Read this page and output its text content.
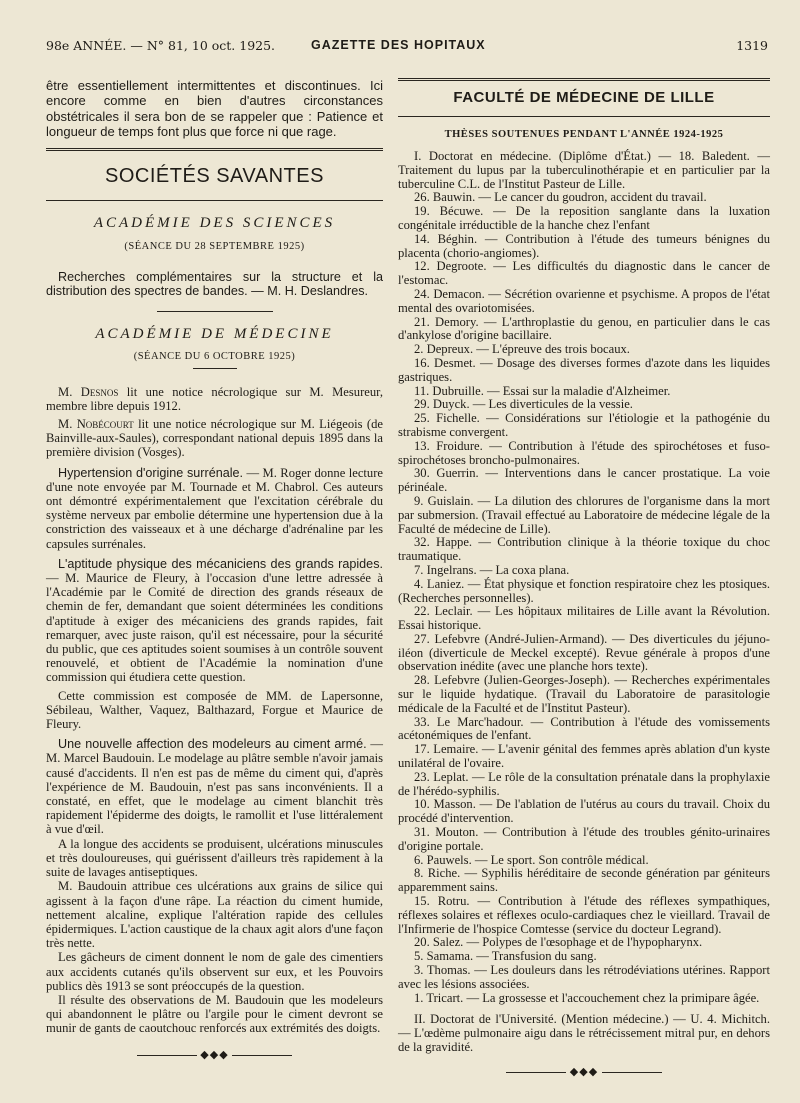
98e ANNÉE. — N° 81, 10 oct. 1925.	GAZETTE DES HOPITAUX	1319

être essentiellement intermittentes et discontinues. Ici encore comme en bien d'autres circonstances obstétricales il sera bon de se rappeler que : Patience et longueur de temps font plus que force ni que rage.

SOCIÉTÉS SAVANTES

ACADÉMIE DES SCIENCES

(SÉANCE DU 28 SEPTEMBRE 1925)

Recherches complémentaires sur la structure et la distribution des spectres de bandes. — M. H. Deslandres.

ACADÉMIE DE MÉDECINE

(SÉANCE DU 6 OCTOBRE 1925)

M. Desnos lit une notice nécrologique sur M. Mesureur, membre libre depuis 1912.

M. Nobécourt lit une notice nécrologique sur M. Liégeois (de Bainville-aux-Saules), correspondant national depuis 1895 dans la première division (Vosges).

Hypertension d'origine surrénale. — M. Roger donne lecture d'une note envoyée par M. Tournade et M. Chabrol. Ces auteurs ont démontré expérimentalement que l'excitation cérébrale du système nerveux par embolie détermine une hypertension due à la constriction des vaisseaux et à une décharge d'adrénaline par les capsules surrénales.

L'aptitude physique des mécaniciens des grands rapides. — M. Maurice de Fleury, à l'occasion d'une lettre adressée à l'Académie par le Comité de direction des grands réseaux de chemin de fer, demandant que soient déterminées les conditions d'aptitude à exiger des mécaniciens des grands rapides, fait remarquer, avec juste raison, qu'il est nécessaire, pour la sécurité du public, que ces aptitudes soient soumises à un contrôle souvent renouvelé, et obtient de l'Académie la nomination d'une commission qui étudiera cette question.

Cette commission est composée de MM. de Lapersonne, Sébileau, Walther, Vaquez, Balthazard, Forgue et Maurice de Fleury.

Une nouvelle affection des modeleurs au ciment armé. — M. Marcel Baudouin. Le modelage au plâtre semble n'avoir jamais causé d'accidents. Il n'en est pas de même du ciment qui, d'après l'expérience de M. Baudouin, n'est pas sans inconvénients. Il a constaté, en effet, que le modelage au ciment blanchit très rapidement l'épiderme des doigts, le ramollit et l'use littéralement à vue d'œil.

A la longue des accidents se produisent, ulcérations minuscules et très douloureuses, qui guérissent d'ailleurs très rapidement à la suite de lavages antiseptiques.

M. Baudouin attribue ces ulcérations aux grains de silice qui agissent à la façon d'une râpe. La réaction du ciment humide, nettement alcaline, explique l'altération rapide des cellules épidermiques. L'action caustique de la chaux agit alors d'une façon très nette.

Les gâcheurs de ciment donnent le nom de gale des cimentiers aux accidents cutanés qu'ils observent sur eux, et les Pouvoirs publics dès 1913 se sont préoccupés de la question.

Il résulte des observations de M. Baudouin que les modeleurs qui abandonnent le plâtre ou l'argile pour le ciment devront se munir de gants de caoutchouc renforcés aux extrémités des doigts.

◆◆◆

FACULTÉ DE MÉDECINE DE LILLE

THÈSES SOUTENUES PENDANT L'ANNÉE 1924-1925

I. Doctorat en médecine. (Diplôme d'État.) — 18. Baledent. — Traitement du lupus par la tuberculinothérapie et en particulier par la tuberculine C.L. de l'Institut Pasteur de Lille.

26. Bauwin. — Le cancer du goudron, accident du travail.

19. Bécuwe. — De la reposition sanglante dans la luxation congénitale irréductible de la hanche chez l'enfant

14. Béghin. — Contribution à l'étude des tumeurs bénignes du placenta (chorio-angiomes).

12. Degroote. — Les difficultés du diagnostic dans le cancer de l'estomac.

24. Demacon. — Sécrétion ovarienne et psychisme. A propos de l'état mental des ovariotomisées.

21. Demory. — L'arthroplastie du genou, en particulier dans le cas d'ankylose d'origine bacillaire.

2. Depreux. — L'épreuve des trois bocaux.

16. Desmet. — Dosage des diverses formes d'azote dans les liquides gastriques.

11. Dubruille. — Essai sur la maladie d'Alzheimer.

29. Duyck. — Les diverticules de la vessie.

25. Fichelle. — Considérations sur l'étiologie et la pathogénie du strabisme convergent.

13. Froidure. — Contribution à l'étude des spirochétoses et fuso-spirochétoses broncho-pulmonaires.

30. Guerrin. — Interventions dans le cancer prostatique. La voie périnéale.

9. Guislain. — La dilution des chlorures de l'organisme dans la mort par submersion. (Travail effectué au Laboratoire de médecine légale de la Faculté de médecine de Lille).

32. Happe. — Contribution clinique à la théorie toxique du choc traumatique.

7. Ingelrans. — La coxa plana.

4. Laniez. — État physique et fonction respiratoire chez les ptosiques. (Recherches personnelles).

22. Leclair. — Les hôpitaux militaires de Lille avant la Révolution. Essai historique.

27. Lefebvre (André-Julien-Armand). — Des diverticules du jéjuno-iléon (diverticule de Meckel excepté). Revue générale à propos d'une observation inédite (avec une planche hors texte).

28. Lefebvre (Julien-Georges-Joseph). — Recherches expérimentales sur le liquide hydatique. (Travail du Laboratoire de parasitologie médicale de la Faculté et de l'Institut Pasteur).

33. Le Marc'hadour. — Contribution à l'étude des vomissements acétonémiques de l'enfant.

17. Lemaire. — L'avenir génital des femmes après ablation d'un kyste unilatéral de l'ovaire.

23. Leplat. — Le rôle de la consultation prénatale dans la prophylaxie de l'hérédo-syphilis.

10. Masson. — De l'ablation de l'utérus au cours du travail. Choix du procédé d'intervention.

31. Mouton. — Contribution à l'étude des troubles génito-urinaires d'origine portale.

6. Pauwels. — Le sport. Son contrôle médical.

8. Riche. — Syphilis héréditaire de seconde génération par géniteurs apparemment sains.

15. Rotru. — Contribution à l'étude des réflexes sympathiques, réflexes solaires et réflexes oculo-cardiaques chez le vieillard. Travail de l'Infirmerie de l'hospice Comtesse (service du docteur Legrand).

20. Salez. — Polypes de l'œsophage et de l'hypopharynx.

5. Samama. — Transfusion du sang.

3. Thomas. — Les douleurs dans les rétrodéviations utérines. Rapport avec les lésions associées.

1. Tricart. — La grossesse et l'accouchement chez la primipare âgée.

II. Doctorat de l'Université. (Mention médecine.) — U. 4. Michitch. — L'œdème pulmonaire aigu dans le rétrécissement mitral pur, en dehors de la gravidité.

◆◆◆
